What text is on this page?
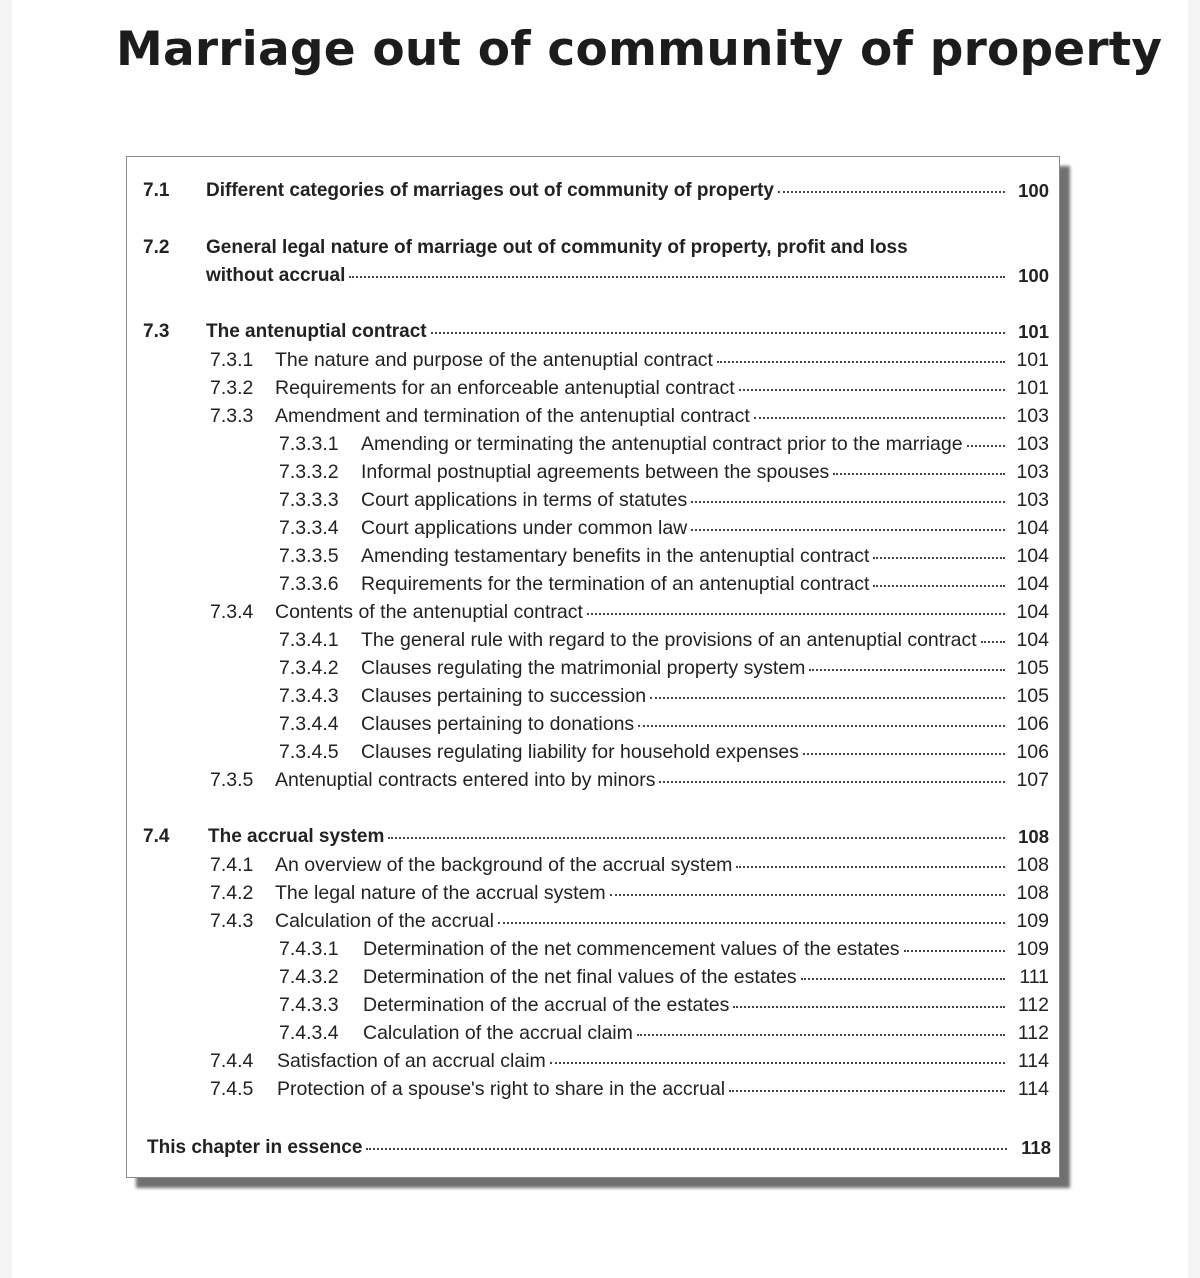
Marriage out of community of property
7.1 Different categories of marriages out of community of property	100
7.2 General legal nature of marriage out of community of property, profit and loss
without accrual	100
7.3 The antenuptial contract	101
7.3.1 The nature and purpose of the antenuptial contract	101
7.3.2 Requirements for an enforceable antenuptial contract	101
7.3.3 Amendment and termination of the antenuptial contract	103
7.3.3.1 Amending or terminating the antenuptial contract prior to the marriage	103
7.3.3.2 Informal postnuptial agreements between the spouses	103
7.3.3.3 Court applications in terms of statutes	103
7.3.3.4 Court applications under common law	104
7.3.3.5 Amending testamentary benefits in the antenuptial contract	104
7.3.3.6 Requirements for the termination of an antenuptial contract	104
7.3.4 Contents of the antenuptial contract	104
7.3.4.1 The general rule with regard to the provisions of an antenuptial contract	104
7.3.4.2 Clauses regulating the matrimonial property system	105
7.3.4.3 Clauses pertaining to succession	105
7.3.4.4 Clauses pertaining to donations	106
7.3.4.5 Clauses regulating liability for household expenses	106
7.3.5 Antenuptial contracts entered into by minors	107
7.4 The accrual system	108
7.4.1 An overview of the background of the accrual system	108
7.4.2 The legal nature of the accrual system	108
7.4.3 Calculation of the accrual	109
7.4.3.1 Determination of the net commencement values of the estates	109
7.4.3.2 Determination of the net final values of the estates	111
7.4.3.3 Determination of the accrual of the estates	112
7.4.3.4 Calculation of the accrual claim	112
7.4.4 Satisfaction of an accrual claim	114
7.4.5 Protection of a spouse's right to share in the accrual	114
This chapter in essence	118
